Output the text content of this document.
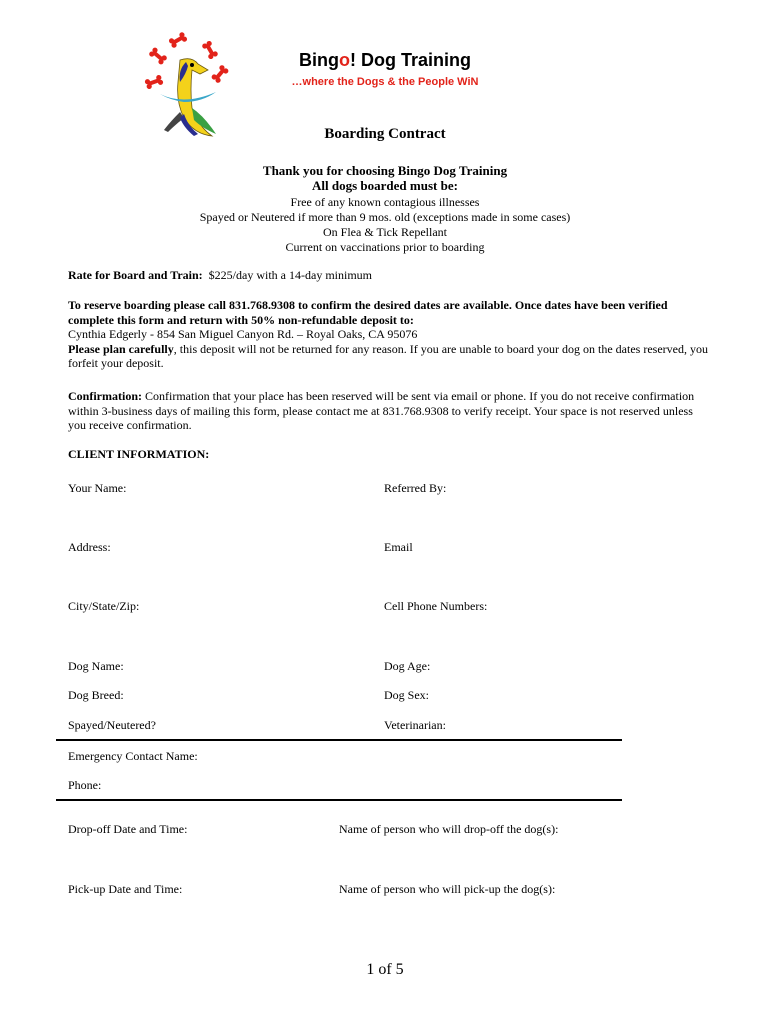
Bingo! Dog Training
…where the Dogs & the People WiN
Boarding Contract
Thank you for choosing Bingo Dog Training
All dogs boarded must be:
Free of any known contagious illnesses
Spayed or Neutered if more than 9 mos. old (exceptions made in some cases)
On Flea & Tick Repellant
Current on vaccinations prior to boarding
Rate for Board and Train: $225/day with a 14-day minimum

To reserve boarding please call 831.768.9308 to confirm the desired dates are available. Once dates have been verified complete this form and return with 50% non-refundable deposit to:

Cynthia Edgerly - 854 San Miguel Canyon Rd. – Royal Oaks, CA 95076

Please plan carefully, this deposit will not be returned for any reason. If you are unable to board your dog on the dates reserved, you forfeit your deposit.

Confirmation: Confirmation that your place has been reserved will be sent via email or phone. If you do not receive confirmation within 3-business days of mailing this form, please contact me at 831.768.9308 to verify receipt. Your space is not reserved unless you receive confirmation.

CLIENT INFORMATION:
Your Name:	Referred By:
Address:	Email
City/State/Zip:	Cell Phone Numbers:
Dog Name:	Dog Age:
Dog Breed:	Dog Sex:
Spayed/Neutered?	Veterinarian:
Emergency Contact Name:
Phone:
Drop-off Date and Time:	Name of person who will drop-off the dog(s):
Pick-up Date and Time:	Name of person who will pick-up the dog(s):
1 of 5
